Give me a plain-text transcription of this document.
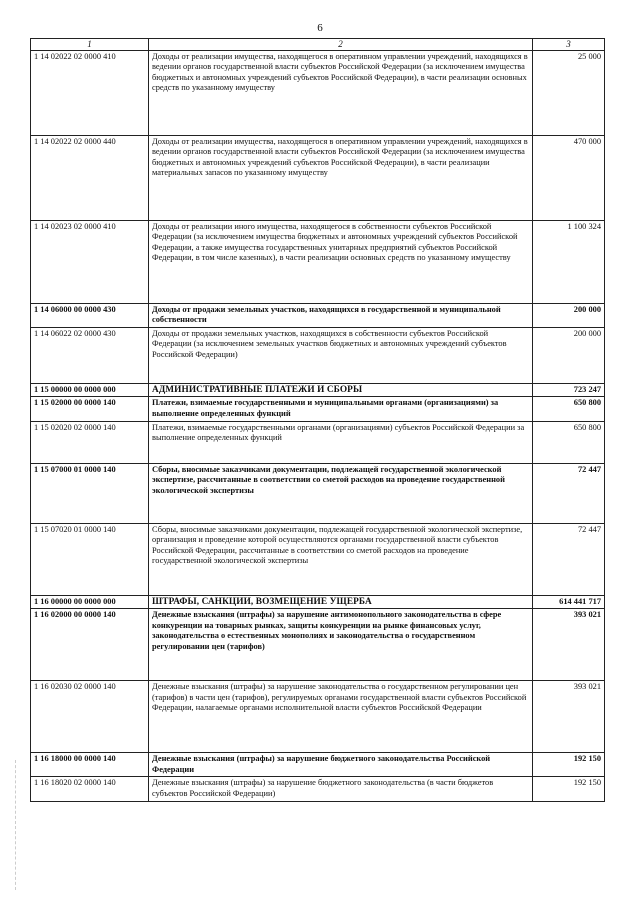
6
1	2	3
1 14 02022 02 0000 410	Доходы от реализации имущества, находящегося в оперативном управлении учреждений, находящихся в ведении органов государственной власти субъектов Российской Федерации (за исключением имущества бюджетных и автономных учреждений субъектов Российской Федерации), в части реализации основных средств по указанному имуществу	25 000
1 14 02022 02 0000 440	Доходы от реализации имущества, находящегося в оперативном управлении учреждений, находящихся в ведении органов государственной власти субъектов Российской Федерации (за исключением имущества бюджетных и автономных учреждений субъектов Российской Федерации), в части реализации материальных запасов по указанному имуществу	470 000
1 14 02023 02 0000 410	Доходы от реализации иного имущества, находящегося в собственности субъектов Российской Федерации (за исключением имущества бюджетных и автономных учреждений субъектов Российской Федерации, а также имущества государственных унитарных предприятий субъектов Российской Федерации, в том числе казенных), в части реализации основных средств по указанному имуществу	1 100 324
1 14 06000 00 0000 430	Доходы от продажи земельных участков, находящихся в государственной и муниципальной собственности	200 000
1 14 06022 02 0000 430	Доходы от продажи земельных участков, находящихся в собственности субъектов Российской Федерации (за исключением земельных участков бюджетных и автономных учреждений субъектов Российской Федерации)	200 000
1 15 00000 00 0000 000	АДМИНИСТРАТИВНЫЕ ПЛАТЕЖИ И СБОРЫ	723 247
1 15 02000 00 0000 140	Платежи, взимаемые государственными и муниципальными органами (организациями) за выполнение определенных функций	650 800
1 15 02020 02 0000 140	Платежи, взимаемые государственными органами (организациями) субъектов Российской Федерации за выполнение определенных функций	650 800
1 15 07000 01 0000 140	Сборы, вносимые заказчиками документации, подлежащей государственной экологической экспертизе, рассчитанные в соответствии со сметой расходов на проведение государственной экологической экспертизы	72 447
1 15 07020 01 0000 140	Сборы, вносимые заказчиками документации, подлежащей государственной экологической экспертизе, организация и проведение которой осуществляются органами государственной власти субъектов Российской Федерации, рассчитанные в соответствии со сметой расходов на проведение государственной экологической экспертизы	72 447
1 16 00000 00 0000 000	ШТРАФЫ, САНКЦИИ, ВОЗМЕЩЕНИЕ УЩЕРБА	614 441 717
1 16 02000 00 0000 140	Денежные взыскания (штрафы) за нарушение антимонопольного законодательства в сфере конкуренции на товарных рынках, защиты конкуренции на рынке финансовых услуг, законодательства о естественных монополиях и законодательства о государственном регулировании цен (тарифов)	393 021
1 16 02030 02 0000 140	Денежные взыскания (штрафы) за нарушение законодательства о государственном регулировании цен (тарифов) в части цен (тарифов), регулируемых органами государственной власти субъектов Российской Федерации, налагаемые органами исполнительной власти субъектов Российской Федерации	393 021
1 16 18000 00 0000 140	Денежные взыскания (штрафы) за нарушение бюджетного законодательства Российской Федерации	192 150
1 16 18020 02 0000 140	Денежные взыскания (штрафы) за нарушение бюджетного законодательства (в части бюджетов субъектов Российской Федерации)	192 150
